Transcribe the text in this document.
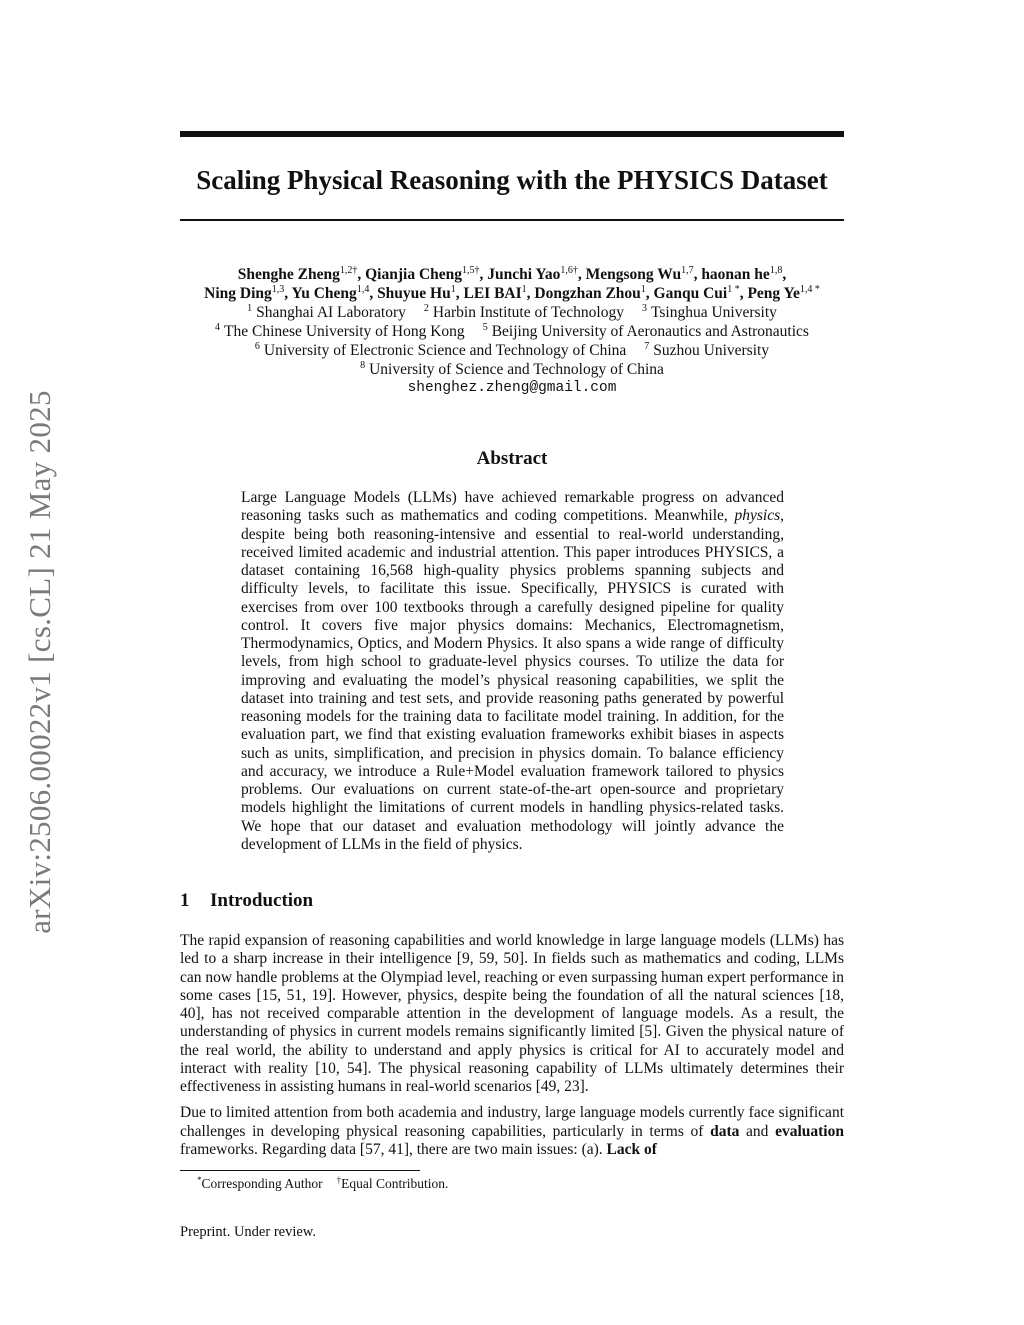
arXiv:2506.00022v1 [cs.CL] 21 May 2025
Scaling Physical Reasoning with the PHYSICS Dataset
Shenghe Zheng$^{1,2\dagger}$, Qianjia Cheng$^{1,5\dagger}$, Junchi Yao$^{1,6\dagger}$, Mengsong Wu$^{1,7}$, haonan he$^{1,8}$,
Ning Ding$^{1,3}$, Yu Cheng$^{1,4}$, Shuyue Hu$^1$, LEI BAI$^1$, Dongzhan Zhou$^1$, Ganqu Cui$^{1 *}$, Peng $Ye^{1,4 *}$
$^1$ Shanghai AI Laboratory $^2$ Harbin Institute of Technology $^3$ Tsinghua University
$^4$ The Chinese University of Hong Kong $^5$ Beijing University of Aeronautics and Astronautics
$^6$ University of Electronic Science and Technology of China $^7$ Suzhou University
$^8$ University of Science and Technology of China
shenghez.zheng@gmail.com
Abstract

Large Language Models (LLMs) have achieved remarkable progress on advanced reasoning tasks such as mathematics and coding competitions. Meanwhile, physics, despite being both reasoning-intensive and essential to real-world understanding, received limited academic and industrial attention. This paper introduces PHYSICS, a dataset containing 16,568 high-quality physics problems spanning subjects and difficulty levels, to facilitate this issue. Specifically, PHYSICS is curated with exercises from over 100 textbooks through a carefully designed pipeline for quality control. It covers five major physics domains: Mechanics, Electromagnetism, Thermodynamics, Optics, and Modern Physics. It also spans a wide range of difficulty levels, from high school to graduate-level physics courses. To utilize the data for improving and evaluating the model’s physical reasoning capabilities, we split the dataset into training and test sets, and provide reasoning paths generated by powerful reasoning models for the training data to facilitate model training. In addition, for the evaluation part, we find that existing evaluation frameworks exhibit biases in aspects such as units, simplification, and precision in physics domain. To balance efficiency and accuracy, we introduce a Rule+Model evaluation framework tailored to physics problems. Our evaluations on current state-of-the-art open-source and proprietary models highlight the limitations of current models in handling physics-related tasks. We hope that our dataset and evaluation methodology will jointly advance the development of LLMs in the field of physics.

1 Introduction

The rapid expansion of reasoning capabilities and world knowledge in large language models (LLMs) has led to a sharp increase in their intelligence [9, 59, 50]. In fields such as mathematics and coding, LLMs can now handle problems at the Olympiad level, reaching or even surpassing human expert performance in some cases [15, 51, 19]. However, physics, despite being the foundation of all the natural sciences [18, 40], has not received comparable attention in the development of language models. As a result, the understanding of physics in current models remains significantly limited [5]. Given the physical nature of the real world, the ability to understand and apply physics is critical for AI to accurately model and interact with reality [10, 54]. The physical reasoning capability of LLMs ultimately determines their effectiveness in assisting humans in real-world scenarios [49, 23].

Due to limited attention from both academia and industry, large language models currently face significant challenges in developing physical reasoning capabilities, particularly in terms of data and evaluation frameworks. Regarding data [57, 41], there are two main issues: (a). Lack of

*Corresponding Author †Equal Contribution.
Preprint. Under review.
